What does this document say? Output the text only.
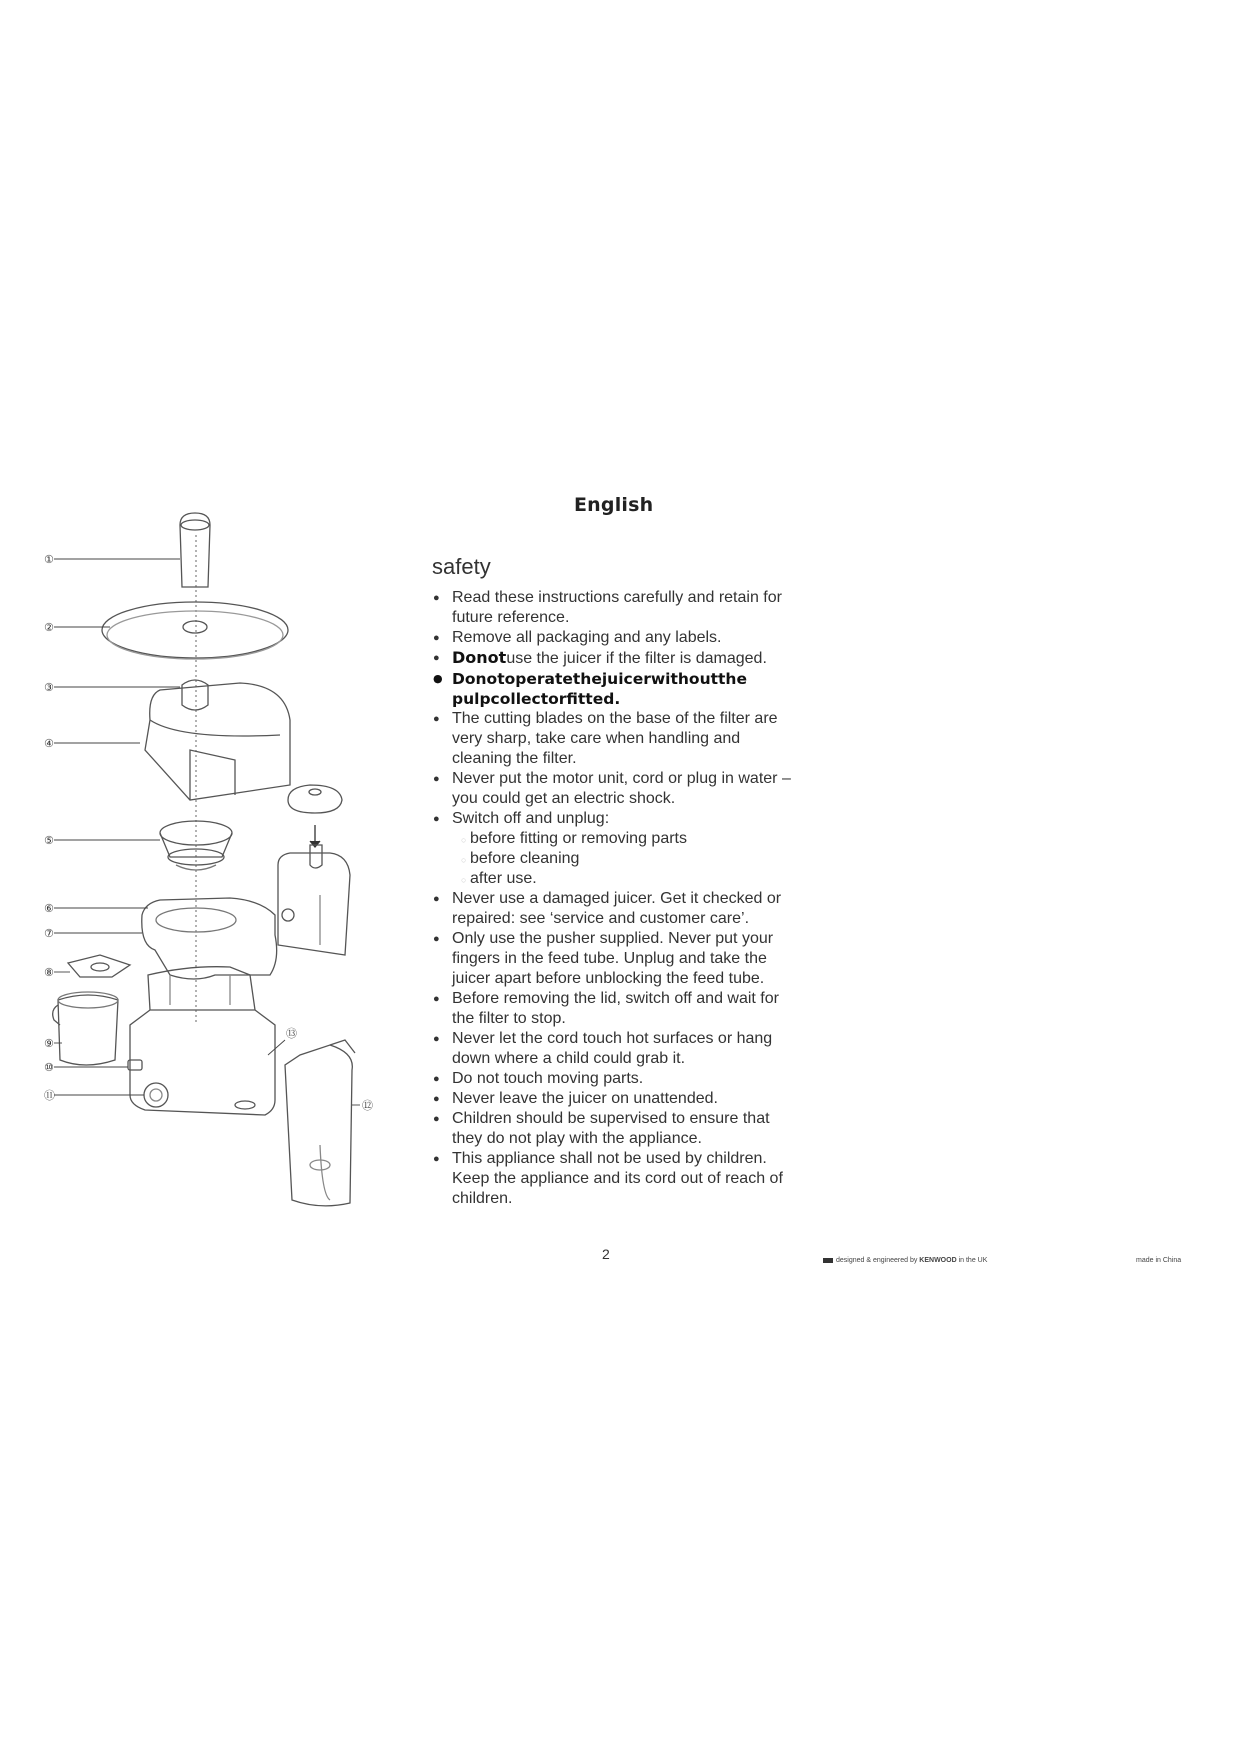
English
①
②
③
④
⑤
⑥
⑦
⑧
⑨
⑩
⑪
⑫
⑬
safety
● Read these instructions carefully and retain for future reference.
● Remove all packaging and any labels.
● Donotuse the juicer if the filter is damaged.
● Donotoperatethejuicerwithoutthe pulpcollectorfitted.
● The cutting blades on the base of the filter are very sharp, take care when handling and cleaning the filter.
● Never put the motor unit, cord or plug in water – you could get an electric shock.
● Switch off and unplug:
○ before fitting or removing parts
○ before cleaning
○ after use.
● Never use a damaged juicer. Get it checked or repaired: see ‘service and customer care’.
● Only use the pusher supplied. Never put your fingers in the feed tube. Unplug and take the juicer apart before unblocking the feed tube.
● Before removing the lid, switch off and wait for the filter to stop.
● Never let the cord touch hot surfaces or hang down where a child could grab it.
● Do not touch moving parts.
● Never leave the juicer on unattended.
● Children should be supervised to ensure that they do not play with the appliance.
● This appliance shall not be used by children. Keep the appliance and its cord out of reach of children.
2	designed & engineered by KENWOOD in the UK	made in China
